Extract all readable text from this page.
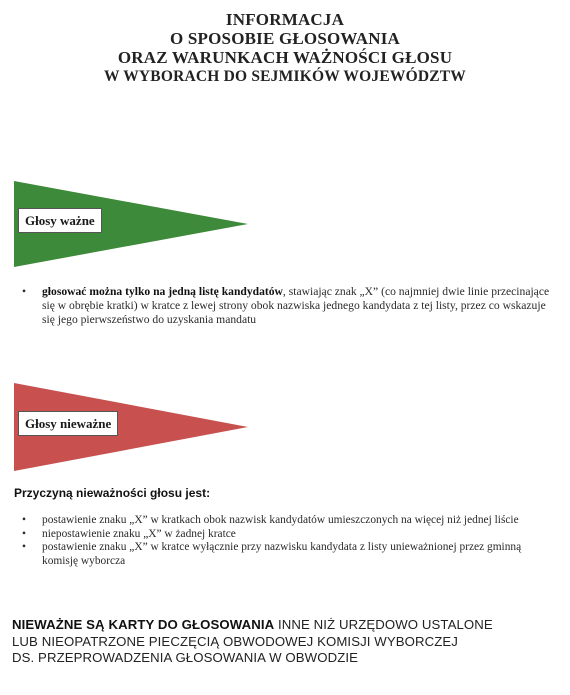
INFORMACJA
O SPOSOBIE GŁOSOWANIA
ORAZ WARUNKACH WAŻNOŚCI GŁOSU
W WYBORACH DO SEJMIKÓW WOJEWÓDZTW
Głosy ważne
• głosować można tylko na jedną listę kandydatów, stawiając znak „X” (co najmniej dwie linie przecinające się w obrębie kratki) w kratce z lewej strony obok nazwiska jednego kandydata z tej listy, przez co wskazuje się jego pierwszeństwo do uzyskania mandatu
Głosy nieważne
Przyczyną nieważności głosu jest:
• postawienie znaku „X” w kratkach obok nazwisk kandydatów umieszczonych na więcej niż jednej liście
• niepostawienie znaku „X” w żadnej kratce
• postawienie znaku „X” w kratce wyłącznie przy nazwisku kandydata z listy unieważnionej przez gminną komisję wyborcza
NIEWAŻNE SĄ KARTY DO GŁOSOWANIA INNE NIŻ URZĘDOWO USTALONE
LUB NIEOPATRZONE PIECZĘCIĄ OBWODOWEJ KOMISJI WYBORCZEJ
DS. PRZEPROWADZENIA GŁOSOWANIA W OBWODZIE
